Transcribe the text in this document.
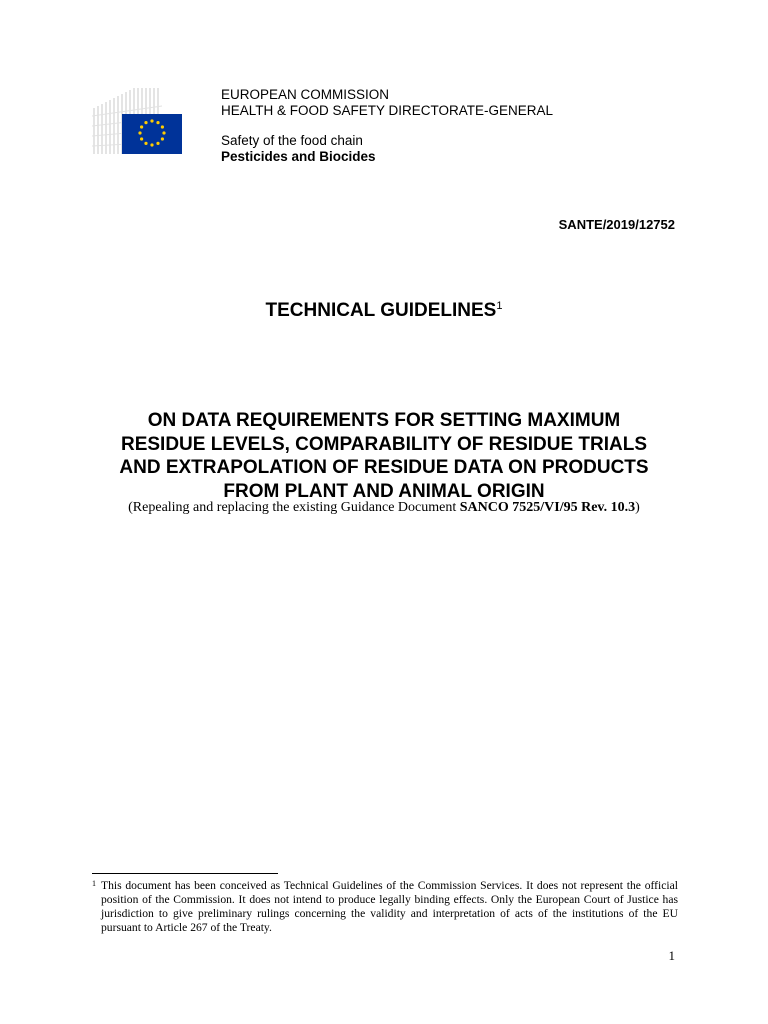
EUROPEAN COMMISSION
HEALTH & FOOD SAFETY DIRECTORATE-GENERAL
Safety of the food chain
Pesticides and Biocides
SANTE/2019/12752
TECHNICAL GUIDELINES$^1$
ON DATA REQUIREMENTS FOR SETTING MAXIMUM
RESIDUE LEVELS, COMPARABILITY OF RESIDUE TRIALS
AND EXTRAPOLATION OF RESIDUE DATA ON PRODUCTS
FROM PLANT AND ANIMAL ORIGIN
(Repealing and replacing the existing Guidance Document SANCO 7525/VI/95 Rev. 10.3)
1 This document has been conceived as Technical Guidelines of the Commission Services. It does not represent the official position of the Commission. It does not intend to produce legally binding effects. Only the European Court of Justice has jurisdiction to give preliminary rulings concerning the validity and interpretation of acts of the institutions of the EU pursuant to Article 267 of the Treaty.
1
